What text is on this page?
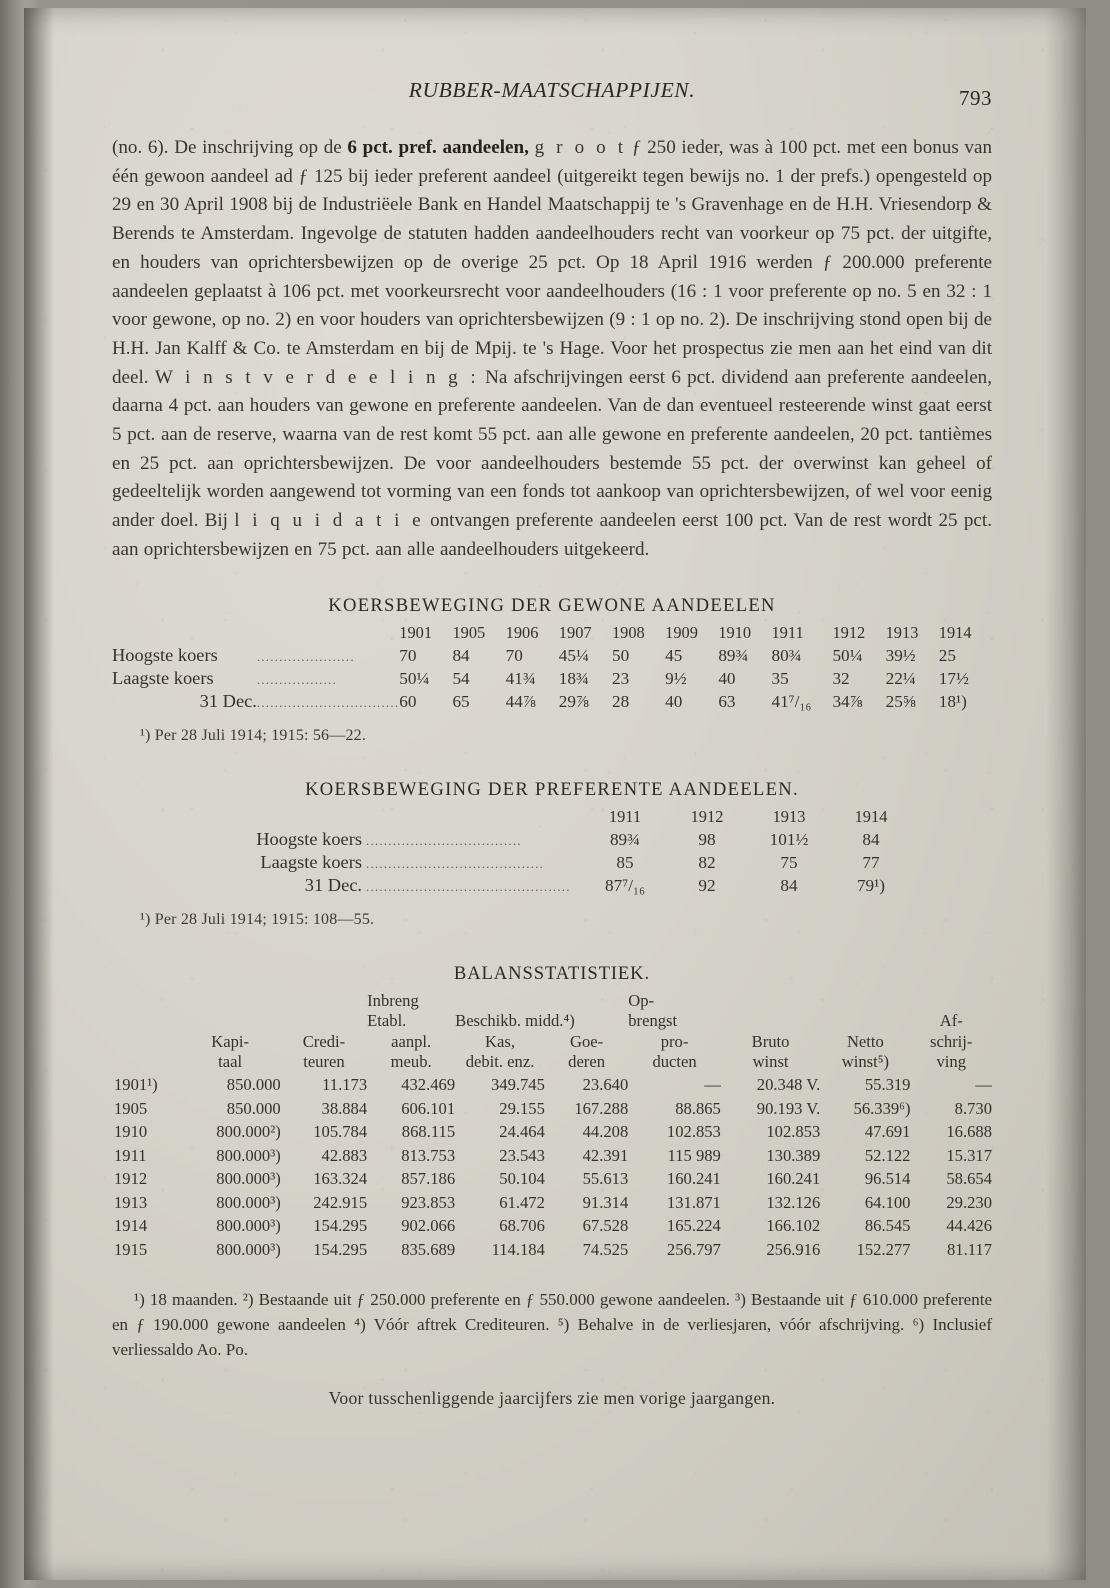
RUBBER-MAATSCHAPPIJEN.	793

(no. 6). De inschrijving op de 6 pct. pref. aandeelen, g r o o t ƒ 250 ieder, was à 100 pct. met een bonus van één gewoon aandeel ad ƒ 125 bij ieder preferent aandeel (uitgereikt tegen bewijs no. 1 der prefs.) opengesteld op 29 en 30 April 1908 bij de Industriëele Bank en Handel Maatschappij te 's Gravenhage en de H.H. Vriesendorp & Berends te Amsterdam. Ingevolge de statuten hadden aandeelhouders recht van voorkeur op 75 pct. der uitgifte, en houders van oprichtersbewijzen op de overige 25 pct. Op 18 April 1916 werden ƒ 200.000 preferente aandeelen geplaatst à 106 pct. met voorkeursrecht voor aandeelhouders (16 : 1 voor preferente op no. 5 en 32 : 1 voor gewone, op no. 2) en voor houders van oprichtersbewijzen (9 : 1 op no. 2). De inschrijving stond open bij de H.H. Jan Kalff & Co. te Amsterdam en bij de Mpij. te 's Hage. Voor het prospectus zie men aan het eind van dit deel. W i n s t v e r d e e l i n g : Na afschrijvingen eerst 6 pct. dividend aan preferente aandeelen, daarna 4 pct. aan houders van gewone en preferente aandeelen. Van de dan eventueel resteerende winst gaat eerst 5 pct. aan de reserve, waarna van de rest komt 55 pct. aan alle gewone en preferente aandeelen, 20 pct. tantièmes en 25 pct. aan oprichtersbewijzen. De voor aandeelhouders bestemde 55 pct. der overwinst kan geheel of gedeeltelijk worden aangewend tot vorming van een fonds tot aankoop van oprichtersbewijzen, of wel voor eenig ander doel. Bij l i q u i d a t i e ontvangen preferente aandeelen eerst 100 pct. Van de rest wordt 25 pct. aan oprichtersbewijzen en 75 pct. aan alle aandeelhouders uitgekeerd.

KOERSBEWEGING DER GEWONE AANDEELEN
		1901	1905	1906	1907	1908	1909	1910	1911	1912	1913	1914
Hoogste koers	......................	70	84	70	45¼	50	45	89¾	80¾	50¼	39½	25
Laagste koers	..................	50¼	54	41¾	18¾	23	9½	40	35	32	22¼	17½
31 Dec.	................................	60	65	44⅞	29⅞	28	40	63	41⁷/₁₆	34⅞	25⅝	18¹)
¹) Per 28 Juli 1914; 1915: 56—22.
KOERSBEWEGING DER PREFERENTE AANDEELEN.
		1911	1912	1913	1914
Hoogste koers	...................................	89¾	98	101½	84
Laagste koers	........................................	85	82	75	77
31 Dec.	..............................................	87⁷/₁₆	92	84	79¹)
¹) Per 28 Juli 1914; 1915: 108—55.
BALANSSTATISTIEK.
			Inbreng			Op-			
			Etabl.	Beschikb. midd.⁴)		brengst			Af-
	Kapi-	Credi-	aanpl.	Kas,	Goe-	pro-	Bruto	Netto	schrij-
	taal	teuren	meub.	debit. enz.	deren	ducten	winst	winst⁵)	ving
1901¹)	850.000	11.173	432.469	349.745	23.640	—	20.348 V.	55.319	—
1905	850.000	38.884	606.101	29.155	167.288	88.865	90.193 V.	56.339⁶)	8.730
1910	800.000²)	105.784	868.115	24.464	44.208	102.853	102.853	47.691	16.688
1911	800.000³)	42.883	813.753	23.543	42.391	115 989	130.389	52.122	15.317
1912	800.000³)	163.324	857.186	50.104	55.613	160.241	160.241	96.514	58.654
1913	800.000³)	242.915	923.853	61.472	91.314	131.871	132.126	64.100	29.230
1914	800.000³)	154.295	902.066	68.706	67.528	165.224	166.102	86.545	44.426
1915	800.000³)	154.295	835.689	114.184	74.525	256.797	256.916	152.277	81.117
¹) 18 maanden. ²) Bestaande uit ƒ 250.000 preferente en ƒ 550.000 gewone aandeelen. ³) Bestaande uit ƒ 610.000 preferente en ƒ 190.000 gewone aandeelen ⁴) Vóór aftrek Crediteuren. ⁵) Behalve in de verliesjaren, vóór afschrijving. ⁶) Inclusief verliessaldo Ao. Po.
Voor tusschenliggende jaarcijfers zie men vorige jaargangen.
